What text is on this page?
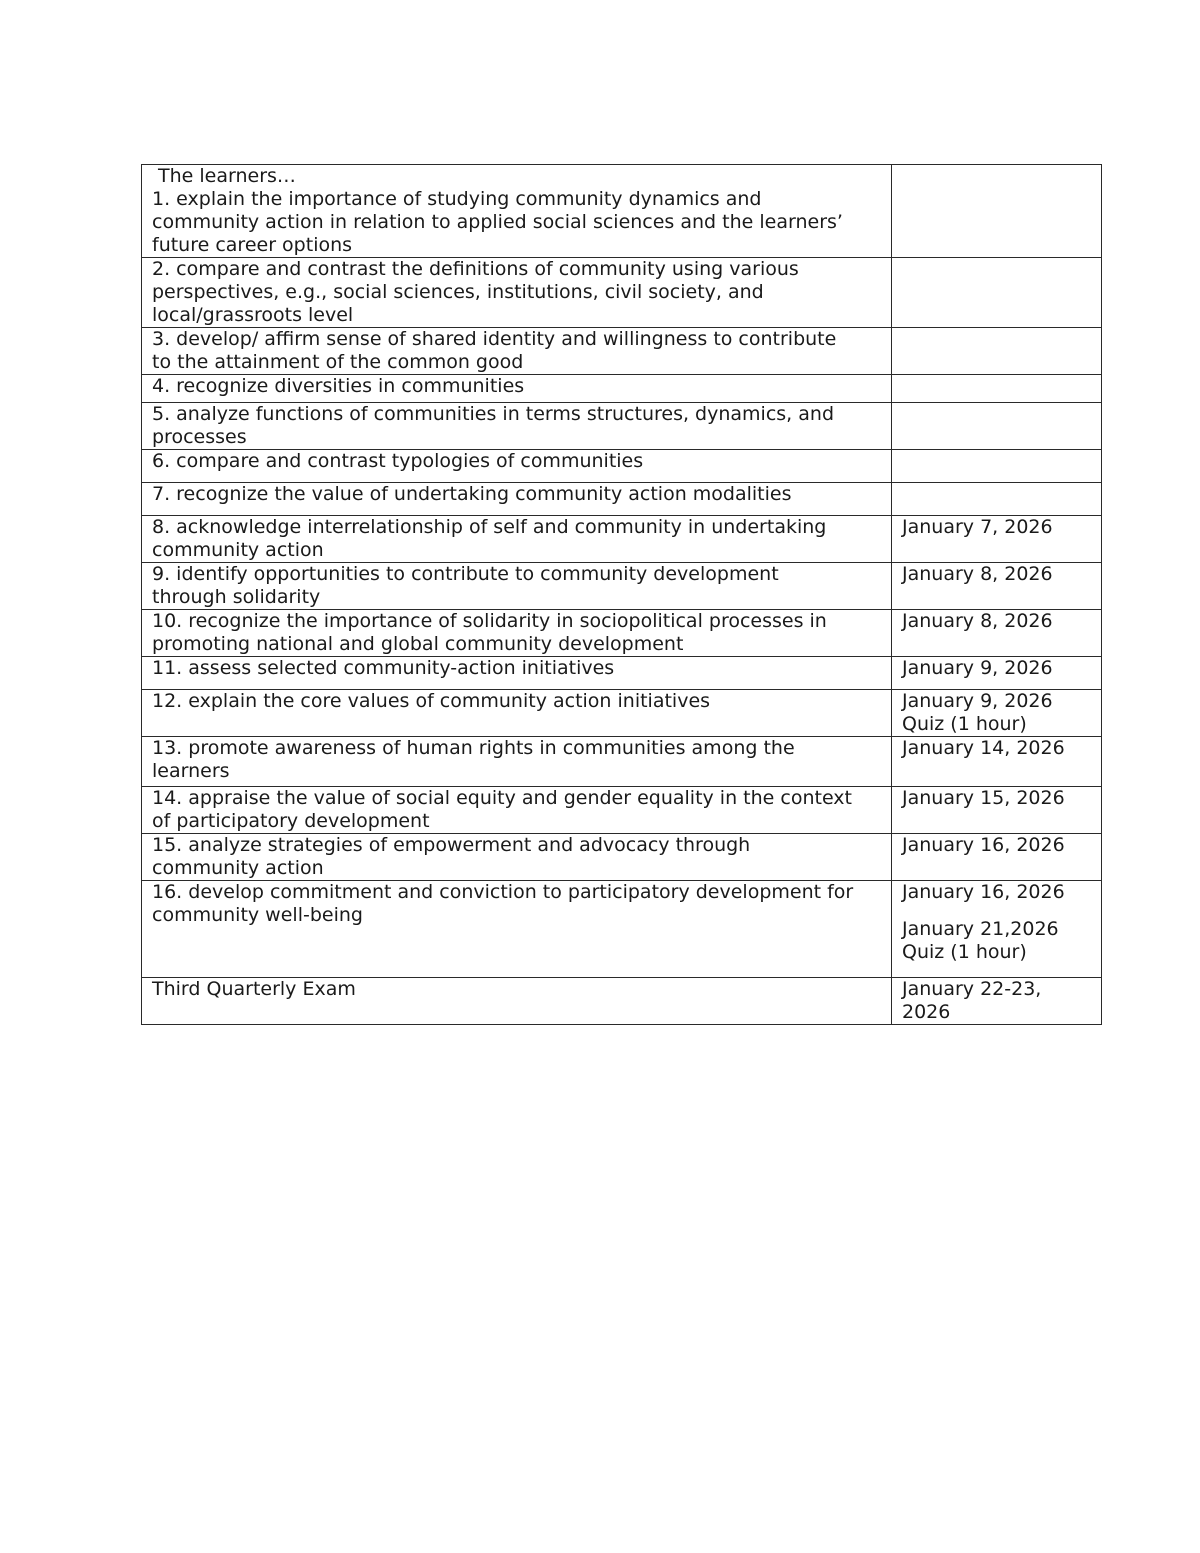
The learners…
1. explain the importance of studying community dynamics and
community action in relation to applied social sciences and the learners’
future career options	

2. compare and contrast the definitions of community using various
perspectives, e.g., social sciences, institutions, civil society, and
local/grassroots level	

3. develop/ affirm sense of shared identity and willingness to contribute
to the attainment of the common good	

4. recognize diversities in communities	

5. analyze functions of communities in terms structures, dynamics, and
processes	

6. compare and contrast typologies of communities	

7. recognize the value of undertaking community action modalities	

8. acknowledge interrelationship of self and community in undertaking
community action	January 7, 2026

9. identify opportunities to contribute to community development
through solidarity	January 8, 2026

10. recognize the importance of solidarity in sociopolitical processes in
promoting national and global community development	January 8, 2026

11. assess selected community-action initiatives	January 9, 2026

12. explain the core values of community action initiatives	January 9, 2026
Quiz (1 hour)

13. promote awareness of human rights in communities among the
learners	January 14, 2026

14. appraise the value of social equity and gender equality in the context
of participatory development	January 15, 2026

15. analyze strategies of empowerment and advocacy through
community action	January 16, 2026

16. develop commitment and conviction to participatory development for
community well-being	January 16, 2026
January 21,2026
Quiz (1 hour)

Third Quarterly Exam	January 22-23,
2026
